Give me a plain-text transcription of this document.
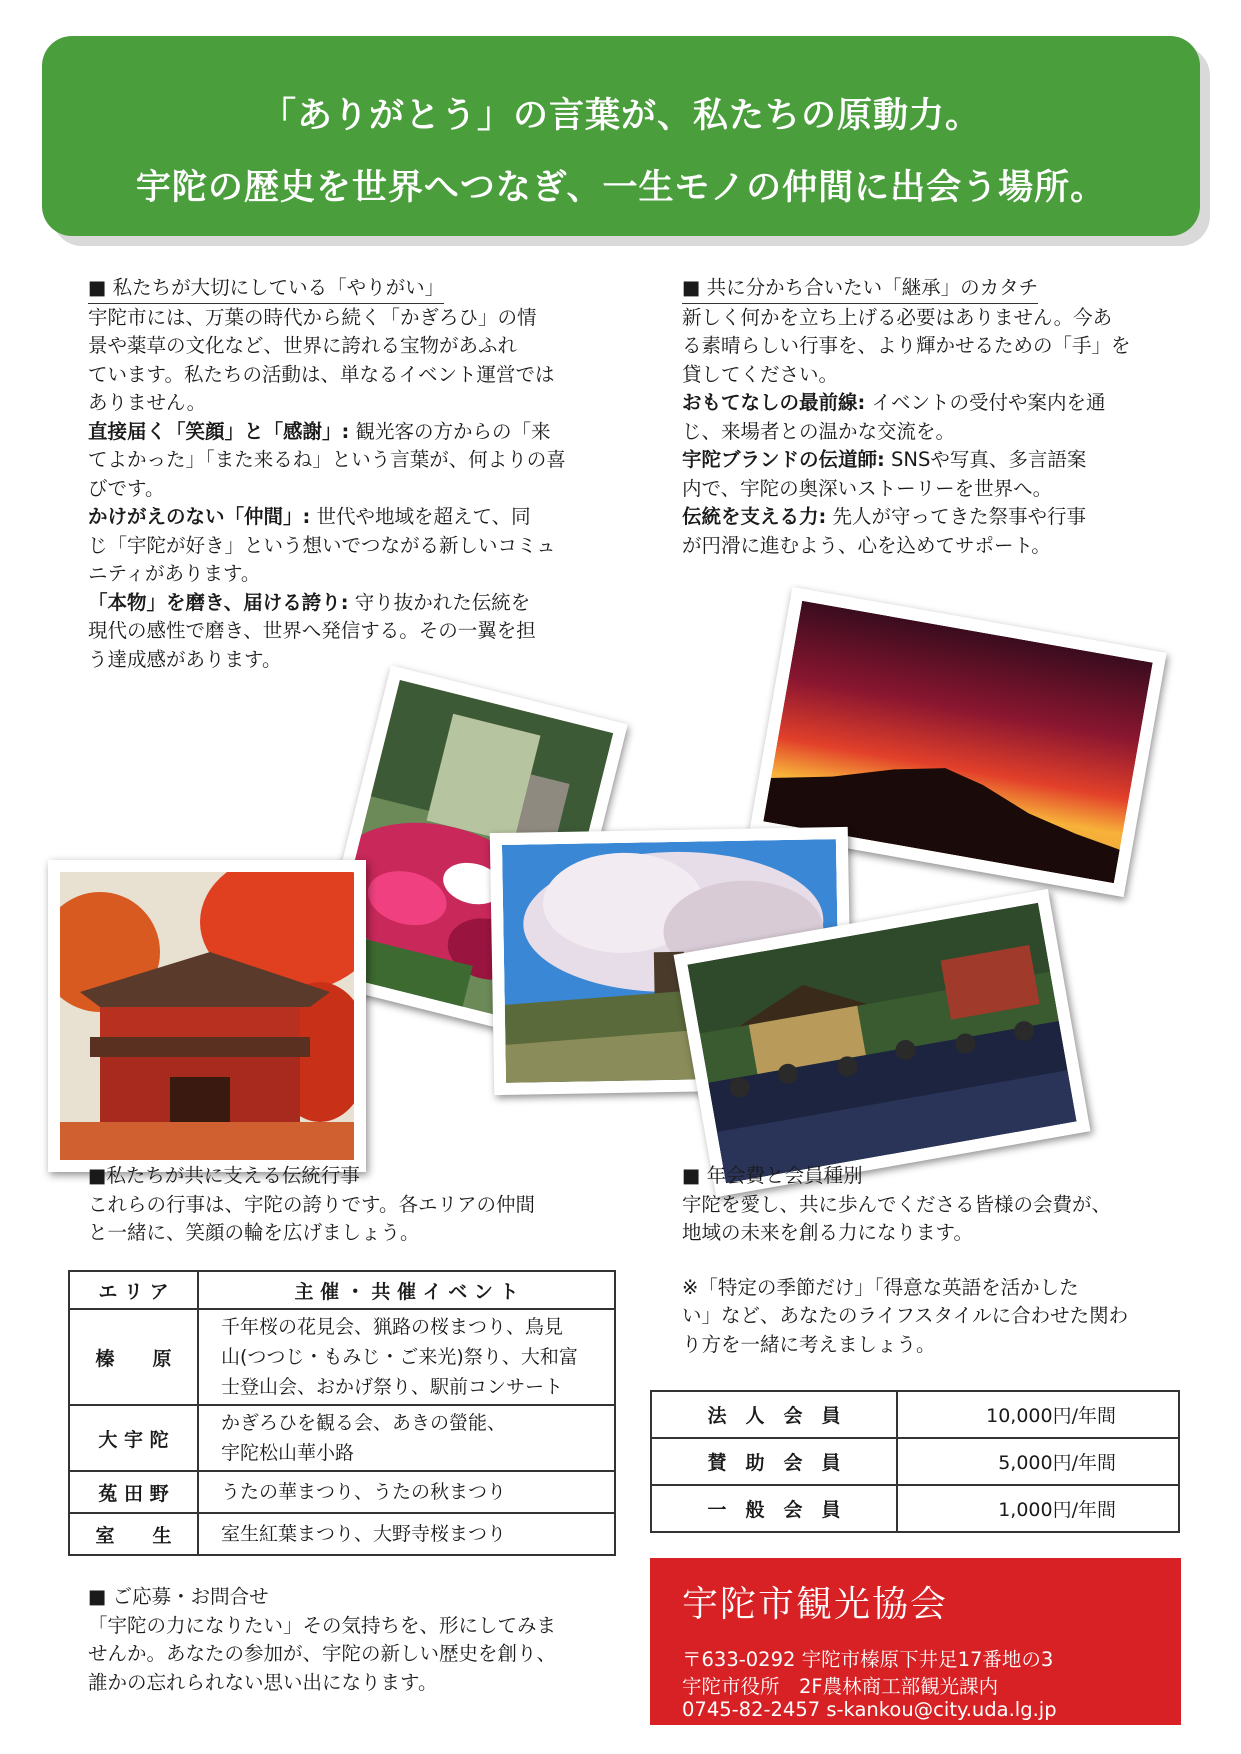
「ありがとう」の言葉が、私たちの原動力。
宇陀の歴史を世界へつなぎ、一生モノの仲間に出会う場所。

■ 私たちが大切にしている「やりがい」

宇陀市には、万葉の時代から続く「かぎろひ」の情

景や薬草の文化など、世界に誇れる宝物があふれ

ています。私たちの活動は、単なるイベント運営では

ありません。

直接届く「笑顔」と「感謝」: 観光客の方からの「来

てよかった」「また来るね」という言葉が、何よりの喜

びです。

かけがえのない「仲間」: 世代や地域を超えて、同

じ「宇陀が好き」という想いでつながる新しいコミュ

ニティがあります。

「本物」を磨き、届ける誇り: 守り抜かれた伝統を

現代の感性で磨き、世界へ発信する。その一翼を担

う達成感があります。

■ 共に分かち合いたい「継承」のカタチ

新しく何かを立ち上げる必要はありません。今あ

る素晴らしい行事を、より輝かせるための「手」を

貸してください。

おもてなしの最前線: イベントの受付や案内を通

じ、来場者との温かな交流を。

宇陀ブランドの伝道師: SNSや写真、多言語案

内で、宇陀の奥深いストーリーを世界へ。

伝統を支える力: 先人が守ってきた祭事や行事

が円滑に進むよう、心を込めてサポート。

■私たちが共に支える伝統行事

これらの行事は、宇陀の誇りです。各エリアの仲間

と一緒に、笑顔の輪を広げましょう。

エ リ ア	主 催 ・ 共 催 イ ベ ン ト
榛　　原	千年桜の花見会、猟路の桜まつり、鳥見
山(つつじ・もみじ・ご来光)祭り、大和富
士登山会、おかげ祭り、駅前コンサート

大 宇 陀	かぎろひを観る会、あきの螢能、
宇陀松山華小路

菟 田 野	うたの華まつり、うたの秋まつり

室　　生	室生紅葉まつり、大野寺桜まつり

■ 年会費と会員種別

宇陀を愛し、共に歩んでくださる皆様の会費が、

地域の未来を創る力になります。

※「特定の季節だけ」「得意な英語を活かした

い」など、あなたのライフスタイルに合わせた関わ

り方を一緒に考えましょう。

法　人　会　員	10,000円/年間
賛　助　会　員	5,000円/年間
一　般　会　員	1,000円/年間

■ ご応募・お問合せ

「宇陀の力になりたい」その気持ちを、形にしてみま

せんか。あなたの参加が、宇陀の新しい歴史を創り、

誰かの忘れられない思い出になります。

宇陀市観光協会
〒633-0292 宇陀市榛原下井足17番地の3
宇陀市役所　2F農林商工部観光課内
0745-82-2457 s-kankou@city.uda.lg.jp
